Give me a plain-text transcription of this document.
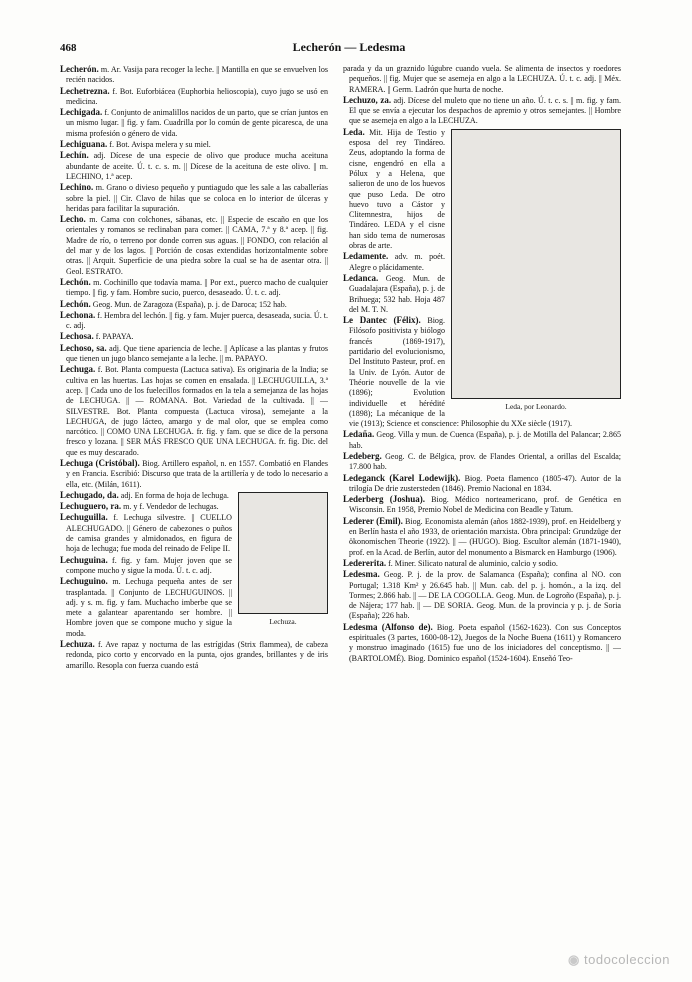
468	Lecherón — Ledesma

Lecherón. m. Ar. Vasija para recoger la leche. || Mantilla en que se envuelven los recién nacidos.

Lechetrezna. f. Bot. Euforbiácea (Euphorbia helioscopia), cuyo jugo se usó en medicina.

Lechigada. f. Conjunto de animalillos nacidos de un parto, que se crían juntos en un mismo lugar. || fig. y fam. Cuadrilla por lo común de gente picaresca, de una misma profesión o género de vida.

Lechiguana. f. Bot. Avispa melera y su miel.

Lechín. adj. Dícese de una especie de olivo que produce mucha aceituna abundante de aceite. Ú. t. c. s. m. || Dícese de la aceituna de este olivo. || m. LECHINO, 1.ª acep.

Lechino. m. Grano o divieso pequeño y puntiagudo que les sale a las caballerías sobre la piel. || Cir. Clavo de hilas que se coloca en lo interior de úlceras y heridas para facilitar la supuración.

Lecho. m. Cama con colchones, sábanas, etc. || Especie de escaño en que los orientales y romanos se reclinaban para comer. || CAMA, 7.ª y 8.ª acep. || fig. Madre de río, o terreno por donde corren sus aguas. || FONDO, con relación al del mar y de los lagos. || Porción de cosas extendidas horizontalmente sobre otras. || Arquit. Superficie de una piedra sobre la cual se ha de asentar otra. || Geol. ESTRATO.

Lechón. m. Cochinillo que todavía mama. || Por ext., puerco macho de cualquier tiempo. || fig. y fam. Hombre sucio, puerco, desaseado. Ú. t. c. adj.

Lechón. Geog. Mun. de Zaragoza (España), p. j. de Daroca; 152 hab.

Lechona. f. Hembra del lechón. || fig. y fam. Mujer puerca, desaseada, sucia. Ú. t. c. adj.

Lechosa. f. PAPAYA.

Lechoso, sa. adj. Que tiene apariencia de leche. || Aplícase a las plantas y frutos que tienen un jugo blanco semejante a la leche. || m. PAPAYO.

Lechuga. f. Bot. Planta compuesta (Lactuca sativa). Es originaria de la India; se cultiva en las huertas. Las hojas se comen en ensalada. || LECHUGUILLA, 3.ª acep. || Cada uno de los fuelecillos formados en la tela a semejanza de las hojas de LECHUGA. || — ROMANA. Bot. Variedad de la cultivada. || — SILVESTRE. Bot. Planta compuesta (Lactuca virosa), semejante a la LECHUGA, de jugo lácteo, amargo y de mal olor, que se emplea como narcótico. || COMO UNA LECHUGA. fr. fig. y fam. que se dice de la persona fresco y lozana. || SER MÁS FRESCO QUE UNA LECHUGA. fr. fig. Dic. del que es muy descarado.

Lechuga (Cristóbal). Biog. Artillero español, n. en 1557. Combatió en Flandes y en Francia. Escribió: Discurso que trata de la artillería y de todo lo necesario a ella, etc. (Milán, 1611).

Lechuza.

Lechugado, da. adj. En forma de hoja de lechuga.

Lechuguero, ra. m. y f. Vendedor de lechugas.

Lechuguilla. f. Lechuga silvestre. || CUELLO ALECHUGADO. || Género de cabezones o puños de camisa grandes y almidonados, en figura de hoja de lechuga; fue moda del reinado de Felipe II.

Lechuguina. f. fig. y fam. Mujer joven que se compone mucho y sigue la moda. Ú. t. c. adj.

Lechuguino. m. Lechuga pequeña antes de ser trasplantada. || Conjunto de LECHUGUINOS. || adj. y s. m. fig. y fam. Muchacho imberbe que se mete a galantear aparentando ser hombre. || Hombre joven que se compone mucho y sigue la moda.

Lechuza. f. Ave rapaz y nocturna de las estrígidas (Strix flammea), de cabeza redonda, pico corto y encorvado en la punta, ojos grandes, brillantes y de iris amarillo. Resopla con fuerza cuando está

parada y da un graznido lúgubre cuando vuela. Se alimenta de insectos y roedores pequeños. || fig. Mujer que se asemeja en algo a la LECHUZA. Ú. t. c. adj. || Méx. RAMERA. || Germ. Ladrón que hurta de noche.

Lechuzo, za. adj. Dícese del muleto que no tiene un año. Ú. t. c. s. || m. fig. y fam. El que se envía a ejecutar los despachos de apremio y otros semejantes. || Hombre que se asemeja en algo a la LECHUZA.

Leda, por Leonardo.

Leda. Mit. Hija de Testio y esposa del rey Tindáreo. Zeus, adoptando la forma de cisne, engendró en ella a Pólux y a Helena, que salieron de uno de los huevos que puso Leda. De otro huevo tuvo a Cástor y Clitemnestra, hijos de Tindáreo. LEDA y el cisne han sido tema de numerosas obras de arte.

Ledamente. adv. m. poét. Alegre o plácidamente.

Ledanca. Geog. Mun. de Guadalajara (España), p. j. de Brihuega; 532 hab. Hoja 487 del M. T. N.

Le Dantec (Félix). Biog. Filósofo positivista y biólogo francés (1869-1917), partidario del evolucionismo, Del Instituto Pasteur, prof. en la Univ. de Lyón. Autor de Théorie nouvelle de la vie (1896); Evolution individuelle et hérédité (1898); La mécanique de la vie (1913); Science et conscience: Philosophie du XXe siècle (1917).

Ledaña. Geog. Villa y mun. de Cuenca (España), p. j. de Motilla del Palancar; 2.865 hab.

Ledeberg. Geog. C. de Bélgica, prov. de Flandes Oriental, a orillas del Escalda; 17.800 hab.

Ledeganck (Karel Lodewijk). Biog. Poeta flamenco (1805-47). Autor de la trilogía De drie zustersteden (1846). Premio Nacional en 1834.

Lederberg (Joshua). Biog. Médico norteamericano, prof. de Genética en Wisconsin. En 1958, Premio Nobel de Medicina con Beadle y Tatum.

Lederer (Emil). Biog. Economista alemán (años 1882-1939), prof. en Heidelberg y en Berlín hasta el año 1933, de orientación marxista. Obra principal: Grundzüge der ökonomischen Theorie (1922). || — (HUGO). Biog. Escultor alemán (1871-1940), prof. en la Acad. de Berlín, autor del monumento a Bismarck en Hamburgo (1906).

Ledererita. f. Miner. Silicato natural de aluminio, calcio y sodio.

Ledesma. Geog. P. j. de la prov. de Salamanca (España); confina al NO. con Portugal; 1.318 Km² y 26.645 hab. || Mun. cab. del p. j. homón., a la izq. del Tormes; 2.866 hab. || — DE LA COGOLLA. Geog. Mun. de Logroño (España), p. j. de Nájera; 177 hab. || — DE SORIA. Geog. Mun. de la provincia y p. j. de Soria (España); 226 hab.

Ledesma (Alfonso de). Biog. Poeta español (1562-1623). Con sus Conceptos espirituales (3 partes, 1600-08-12), Juegos de la Noche Buena (1611) y Romancero y monstruo imaginado (1615) fue uno de los iniciadores del conceptismo. || — (BARTOLOMÉ). Biog. Dominico español (1524-1604). Enseñó Teo-

◉ todocoleccion
